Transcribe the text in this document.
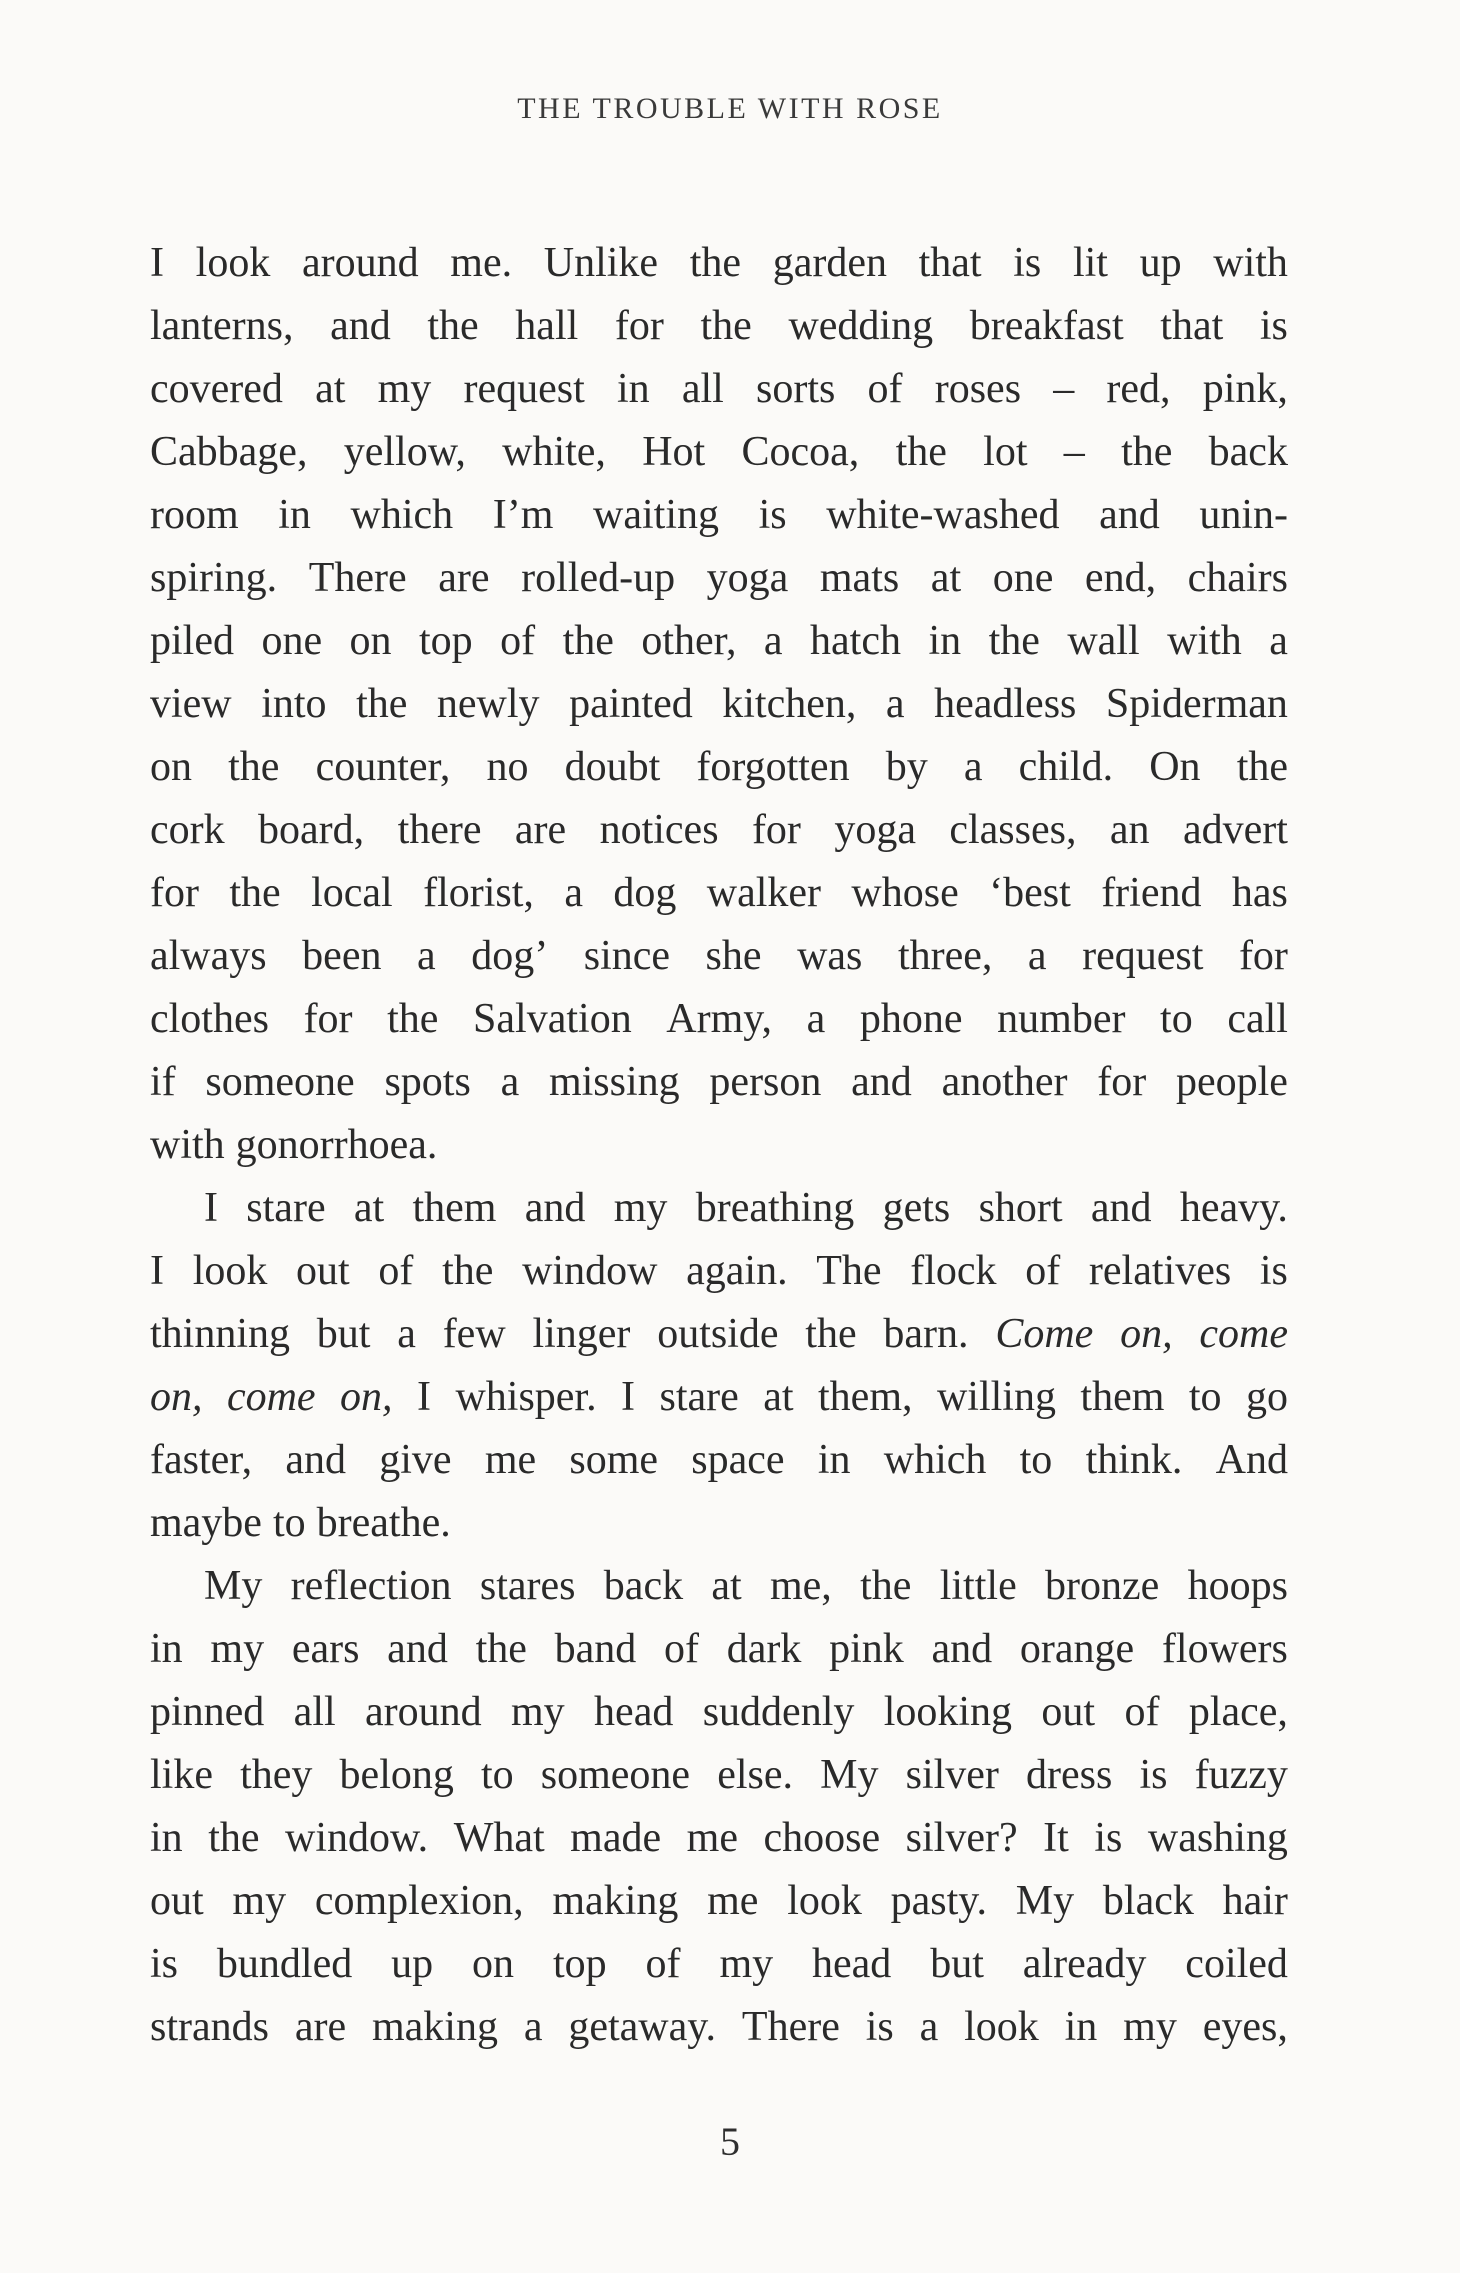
THE TROUBLE WITH ROSE
I look around me. Unlike the garden that is lit up with
lanterns, and the hall for the wedding breakfast that is
covered at my request in all sorts of roses – red, pink,
Cabbage, yellow, white, Hot Cocoa, the lot – the back
room in which I’m waiting is white-washed and unin-
spiring. There are rolled-up yoga mats at one end, chairs
piled one on top of the other, a hatch in the wall with a
view into the newly painted kitchen, a headless Spiderman
on the counter, no doubt forgotten by a child. On the
cork board, there are notices for yoga classes, an advert
for the local florist, a dog walker whose ‘best friend has
always been a dog’ since she was three, a request for
clothes for the Salvation Army, a phone number to call
if someone spots a missing person and another for people
with gonorrhoea.
I stare at them and my breathing gets short and heavy.
I look out of the window again. The flock of relatives is
thinning but a few linger outside the barn. Come on, come
on, come on, I whisper. I stare at them, willing them to go
faster, and give me some space in which to think. And
maybe to breathe.
My reflection stares back at me, the little bronze hoops
in my ears and the band of dark pink and orange flowers
pinned all around my head suddenly looking out of place,
like they belong to someone else. My silver dress is fuzzy
in the window. What made me choose silver? It is washing
out my complexion, making me look pasty. My black hair
is bundled up on top of my head but already coiled
strands are making a getaway. There is a look in my eyes,
5
